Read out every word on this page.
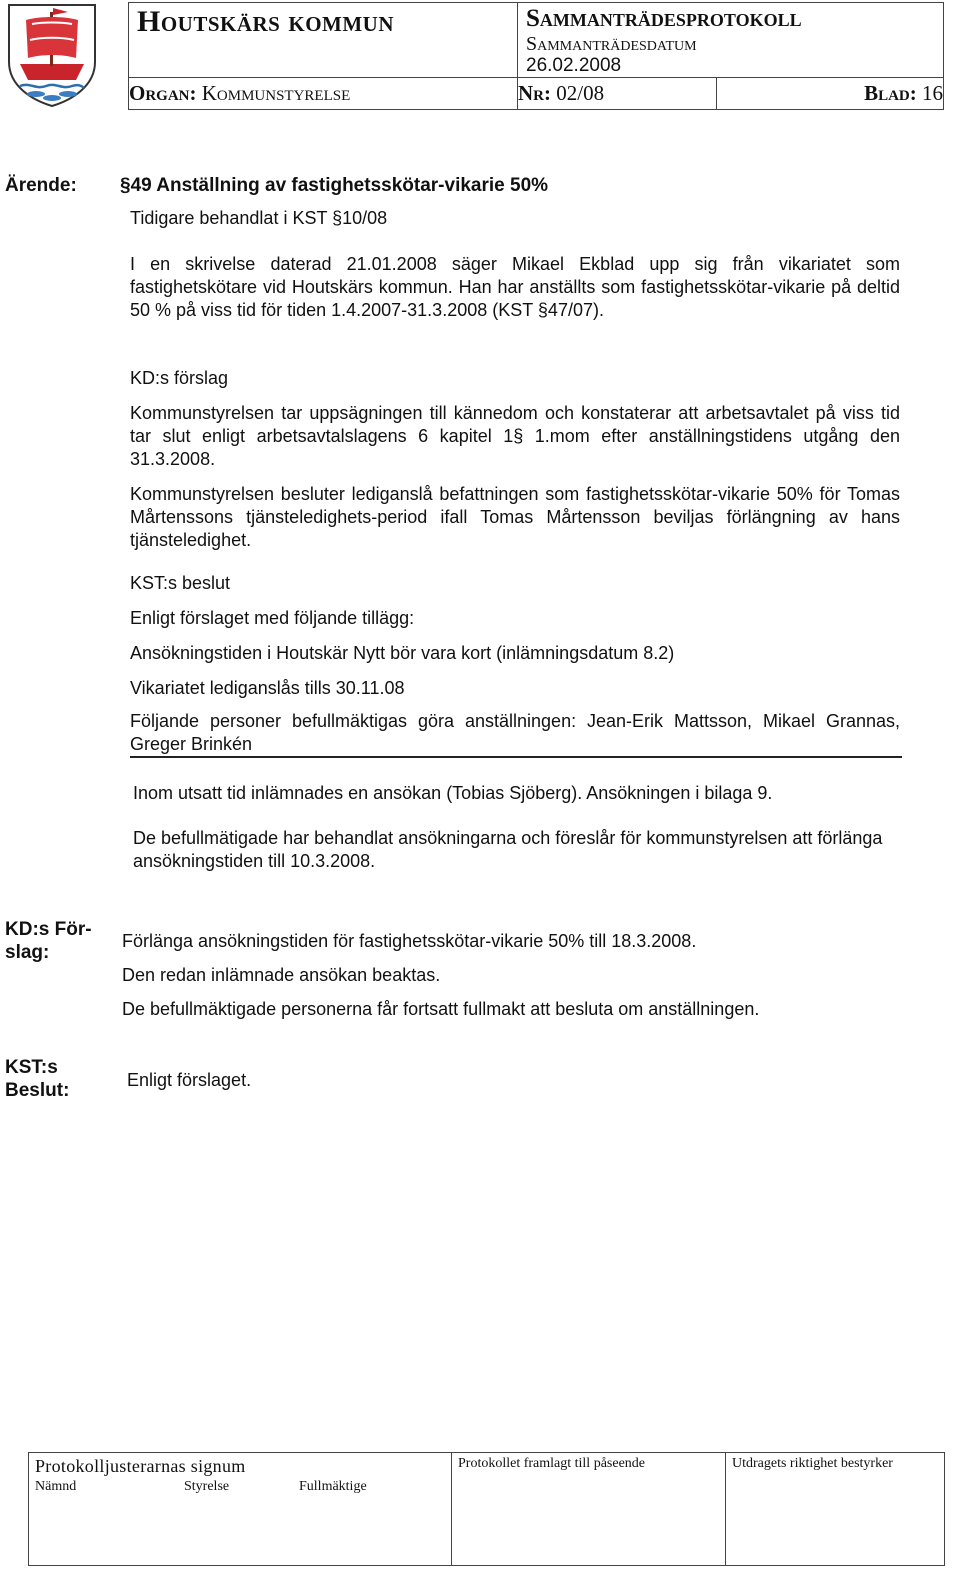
Houtskärs kommun	Sammanträdesprotokoll
Sammanträdesdatum
26.02.2008	

Organ: Kommunstyrelse	Nr: 02/08	Blad: 16
Ärende: §49 Anställning av fastighetsskötar-vikarie 50%
Tidigare behandlat i KST §10/08
I en skrivelse daterad 21.01.2008 säger Mikael Ekblad upp sig från vikariatet som fastighetskötare vid Houtskärs kommun. Han har anställts som fastighetsskötar-vikarie på deltid 50 % på viss tid för tiden 1.4.2007-31.3.2008 (KST §47/07).
KD:s förslag
Kommunstyrelsen tar uppsägningen till kännedom och konstaterar att arbetsavtalet på viss tid tar slut enligt arbetsavtalslagens 6 kapitel 1§ 1.mom efter anställningstidens utgång den 31.3.2008.
Kommunstyrelsen besluter lediganslå befattningen som fastighetsskötar-vikarie 50% för Tomas Mårtenssons tjänsteledighets-period ifall Tomas Mårtensson beviljas förlängning av hans tjänsteledighet.
KST:s beslut
Enligt förslaget med följande tillägg:
Ansökningstiden i Houtskär Nytt bör vara kort (inlämningsdatum 8.2)
Vikariatet lediganslås tills 30.11.08
Följande personer befullmäktigas göra anställningen: Jean-Erik Mattsson, Mikael Grannas, Greger Brinkén
Inom utsatt tid inlämnades en ansökan (Tobias Sjöberg). Ansökningen i bilaga 9.
De befullmätigade har behandlat ansökningarna och föreslår för kommunstyrelsen att förlänga ansökningstiden till 10.3.2008.
KD:s För-
slag:
Förlänga ansökningstiden för fastighetsskötar-vikarie 50% till 18.3.2008.
Den redan inlämnade ansökan beaktas.
De befullmäktigade personerna får fortsatt fullmakt att besluta om anställningen.
KST:s
Beslut:	Enligt förslaget.
Protokolljusterarnas signum
Nämnd	Styrelse	Fullmäktige

Protokollet framlagt till påseende	Utdragets riktighet bestyrker
